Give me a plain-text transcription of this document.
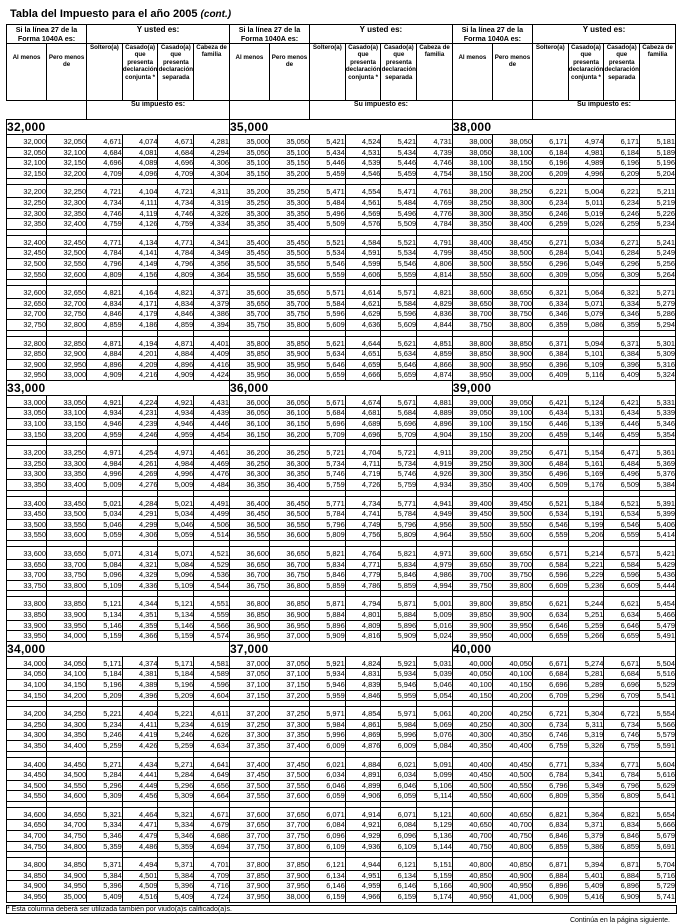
Tabla del Impuesto para el año 2005 (cont.)
Si la línea 27 de la Forma 1040A es:		Y usted es:				Si la línea 27 de la Forma 1040A es:		Y usted es:				Si la línea 27 de la Forma 1040A es:		Y usted es:			
Al menos	Pero menos de	Soltero(a)	Casado(a) que presenta declaración conjunta *	Casado(a) que presenta declaración separada	Cabeza de familia	Al menos	Pero menos de	Soltero(a)	Casado(a) que presenta declaración conjunta *	Casado(a) que presenta declaración separada	Cabeza de familia	Al menos	Pero menos de	Soltero(a)	Casado(a) que presenta declaración conjunta *	Casado(a) que presenta declaración separada	Cabeza de familia
		Su impuesto es:						Su impuesto es:						Su impuesto es:			
32,000						35,000						38,000					
32,000	32,050	4,671	4,074	4,671	4,281	35,000	35,050	5,421	4,524	5,421	4,731	38,000	38,050	6,171	4,974	6,171	5,181
32,050	32,100	4,684	4,081	4,684	4,294	35,050	35,100	5,434	4,531	5,434	4,739	38,050	38,100	6,184	4,981	6,184	5,189
32,100	32,150	4,696	4,089	4,696	4,306	35,100	35,150	5,446	4,539	5,446	4,746	38,100	38,150	6,196	4,989	6,196	5,196
32,150	32,200	4,709	4,096	4,709	4,304	35,150	35,200	5,459	4,546	5,459	4,754	38,150	38,200	6,209	4,996	6,209	5,204

32,200	32,250	4,721	4,104	4,721	4,311	35,200	35,250	5,471	4,554	5,471	4,761	38,200	38,250	6,221	5,004	6,221	5,211
32,250	32,300	4,734	4,111	4,734	4,319	35,250	35,300	5,484	4,561	5,484	4,769	38,250	38,300	6,234	5,011	6,234	5,219
32,300	32,350	4,746	4,119	4,746	4,326	35,300	35,350	5,496	4,569	5,496	4,776	38,300	38,350	6,246	5,019	6,246	5,226
32,350	32,400	4,759	4,126	4,759	4,334	35,350	35,400	5,509	4,576	5,509	4,784	38,350	38,400	6,259	5,026	6,259	5,234

32,400	32,450	4,771	4,134	4,771	4,341	35,400	35,450	5,521	4,584	5,521	4,791	38,400	38,450	6,271	5,034	6,271	5,241
32,450	32,500	4,784	4,141	4,784	4,349	35,450	35,500	5,534	4,591	5,534	4,799	38,450	38,500	6,284	5,041	6,284	5,249
32,500	32,550	4,796	4,149	4,796	4,356	35,500	35,550	5,546	4,599	5,546	4,806	38,500	38,550	6,296	5,049	6,296	5,256
32,550	32,600	4,809	4,156	4,809	4,364	35,550	35,600	5,559	4,606	5,559	4,814	38,550	38,600	6,309	5,056	6,309	5,264

32,600	32,650	4,821	4,164	4,821	4,371	35,600	35,650	5,571	4,614	5,571	4,821	38,600	38,650	6,321	5,064	6,321	5,271
32,650	32,700	4,834	4,171	4,834	4,379	35,650	35,700	5,584	4,621	5,584	4,829	38,650	38,700	6,334	5,071	6,334	5,279
32,700	32,750	4,846	4,179	4,846	4,386	35,700	35,750	5,596	4,629	5,596	4,836	38,700	38,750	6,346	5,079	6,346	5,286
32,750	32,800	4,859	4,186	4,859	4,394	35,750	35,800	5,609	4,636	5,609	4,844	38,750	38,800	6,359	5,086	6,359	5,294

32,800	32,850	4,871	4,194	4,871	4,401	35,800	35,850	5,621	4,644	5,621	4,851	38,800	38,850	6,371	5,094	6,371	5,301
32,850	32,900	4,884	4,201	4,884	4,409	35,850	35,900	5,634	4,651	5,634	4,859	38,850	38,900	6,384	5,101	6,384	5,309
32,900	32,950	4,896	4,209	4,896	4,416	35,900	35,950	5,646	4,659	5,646	4,866	38,900	38,950	6,396	5,109	6,396	5,316
32,950	33,000	4,909	4,216	4,909	4,424	35,950	36,000	5,659	4,666	5,659	4,874	38,950	39,000	6,409	5,116	6,409	5,324
33,000						36,000						39,000					
33,000	33,050	4,921	4,224	4,921	4,431	36,000	36,050	5,671	4,674	5,671	4,881	39,000	39,050	6,421	5,124	6,421	5,331
33,050	33,100	4,934	4,231	4,934	4,439	36,050	36,100	5,684	4,681	5,684	4,889	39,050	39,100	6,434	5,131	6,434	5,339
33,100	33,150	4,946	4,239	4,946	4,446	36,100	36,150	5,696	4,689	5,696	4,896	39,100	39,150	6,446	5,139	6,446	5,346
33,150	33,200	4,959	4,246	4,959	4,454	36,150	36,200	5,709	4,696	5,709	4,904	39,150	39,200	6,459	5,146	6,459	5,354

33,200	33,250	4,971	4,254	4,971	4,461	36,200	36,250	5,721	4,704	5,721	4,911	39,200	39,250	6,471	5,154	6,471	5,361
33,250	33,300	4,984	4,261	4,984	4,469	36,250	36,300	5,734	4,711	5,734	4,919	39,250	39,300	6,484	5,161	6,484	5,369
33,300	33,350	4,996	4,269	4,996	4,476	36,300	36,350	5,746	4,719	5,746	4,926	39,300	39,350	6,496	5,169	6,496	5,376
33,350	33,400	5,009	4,276	5,009	4,484	36,350	36,400	5,759	4,726	5,759	4,934	39,350	39,400	6,509	5,176	6,509	5,384

33,400	33,450	5,021	4,284	5,021	4,491	36,400	36,450	5,771	4,734	5,771	4,941	39,400	39,450	6,521	5,184	6,521	5,391
33,450	33,500	5,034	4,291	5,034	4,499	36,450	36,500	5,784	4,741	5,784	4,949	39,450	39,500	6,534	5,191	6,534	5,399
33,500	33,550	5,046	4,299	5,046	4,506	36,500	36,550	5,796	4,749	5,796	4,956	39,500	39,550	6,546	5,199	6,546	5,406
33,550	33,600	5,059	4,306	5,059	4,514	36,550	36,600	5,809	4,756	5,809	4,964	39,550	39,600	6,559	5,206	6,559	5,414

33,600	33,650	5,071	4,314	5,071	4,521	36,600	36,650	5,821	4,764	5,821	4,971	39,600	39,650	6,571	5,214	6,571	5,421
33,650	33,700	5,084	4,321	5,084	4,529	36,650	36,700	5,834	4,771	5,834	4,979	39,650	39,700	6,584	5,221	6,584	5,429
33,700	33,750	5,096	4,329	5,096	4,536	36,700	36,750	5,846	4,779	5,846	4,986	39,700	39,750	6,596	5,229	6,596	5,436
33,750	33,800	5,109	4,336	5,109	4,544	36,750	36,800	5,859	4,786	5,859	4,994	39,750	39,800	6,609	5,236	6,609	5,444

33,800	33,850	5,121	4,344	5,121	4,551	36,800	36,850	5,871	4,794	5,871	5,001	39,800	39,850	6,621	5,244	6,621	5,454
33,850	33,900	5,134	4,351	5,134	4,559	36,850	36,900	5,884	4,801	5,884	5,009	39,850	39,900	6,634	5,251	6,634	5,466
33,900	33,950	5,146	4,359	5,146	4,566	36,900	36,950	5,896	4,809	5,896	5,016	39,900	39,950	6,646	5,259	6,646	5,479
33,950	34,000	5,159	4,366	5,159	4,574	36,950	37,000	5,909	4,816	5,909	5,024	39,950	40,000	6,659	5,266	6,659	5,491
34,000						37,000						40,000					
34,000	34,050	5,171	4,374	5,171	4,581	37,000	37,050	5,921	4,824	5,921	5,031	40,000	40,050	6,671	5,274	6,671	5,504
34,050	34,100	5,184	4,381	5,184	4,589	37,050	37,100	5,934	4,831	5,934	5,039	40,050	40,100	6,684	5,281	6,684	5,516
34,100	34,150	5,196	4,389	5,196	4,596	37,100	37,150	5,946	4,839	5,946	5,046	40,100	40,150	6,696	5,289	6,696	5,529
34,150	34,200	5,209	4,396	5,209	4,604	37,150	37,200	5,959	4,846	5,959	5,054	40,150	40,200	6,709	5,296	6,709	5,541

34,200	34,250	5,221	4,404	5,221	4,611	37,200	37,250	5,971	4,854	5,971	5,061	40,200	40,250	6,721	5,304	6,721	5,554
34,250	34,300	5,234	4,411	5,234	4,619	37,250	37,300	5,984	4,861	5,984	5,069	40,250	40,300	6,734	5,311	6,734	5,566
34,300	34,350	5,246	4,419	5,246	4,626	37,300	37,350	5,996	4,869	5,996	5,076	40,300	40,350	6,746	5,319	6,746	5,579
34,350	34,400	5,259	4,426	5,259	4,634	37,350	37,400	6,009	4,876	6,009	5,084	40,350	40,400	6,759	5,326	6,759	5,591

34,400	34,450	5,271	4,434	5,271	4,641	37,400	37,450	6,021	4,884	6,021	5,091	40,400	40,450	6,771	5,334	6,771	5,604
34,450	34,500	5,284	4,441	5,284	4,649	37,450	37,500	6,034	4,891	6,034	5,099	40,450	40,500	6,784	5,341	6,784	5,616
34,500	34,550	5,296	4,449	5,296	4,656	37,500	37,550	6,046	4,899	6,046	5,106	40,500	40,550	6,796	5,349	6,796	5,629
34,550	34,600	5,309	4,456	5,309	4,664	37,550	37,600	6,059	4,906	6,059	5,114	40,550	40,600	6,809	5,356	6,809	5,641

34,600	34,650	5,321	4,464	5,321	4,671	37,600	37,650	6,071	4,914	6,071	5,121	40,600	40,650	6,821	5,364	6,821	5,654
34,650	34,700	5,334	4,471	5,334	4,679	37,650	37,700	6,084	4,921	6,084	5,129	40,650	40,700	6,834	5,371	6,834	5,666
34,700	34,750	5,346	4,479	5,346	4,686	37,700	37,750	6,096	4,929	6,096	5,136	40,700	40,750	6,846	5,379	6,846	5,679
34,750	34,800	5,359	4,486	5,359	4,694	37,750	37,800	6,109	4,936	6,109	5,144	40,750	40,800	6,859	5,386	6,859	5,691

34,800	34,850	5,371	4,494	5,371	4,701	37,800	37,850	6,121	4,944	6,121	5,151	40,800	40,850	6,871	5,394	6,871	5,704
34,850	34,900	5,384	4,501	5,384	4,709	37,850	37,900	6,134	4,951	6,134	5,159	40,850	40,900	6,884	5,401	6,884	5,716
34,900	34,950	5,396	4,509	5,396	4,716	37,900	37,950	6,146	4,959	6,146	5,166	40,900	40,950	6,896	5,409	6,896	5,729
34,950	35,000	5,409	4,516	5,409	4,724	37,950	38,000	6,159	4,966	6,159	5,174	40,950	41,000	6,909	5,416	6,909	5,741
* Esta columna deberá ser utilizada también por viudo(a)s calificado(a)s.
Continúa en la página siguiente.
